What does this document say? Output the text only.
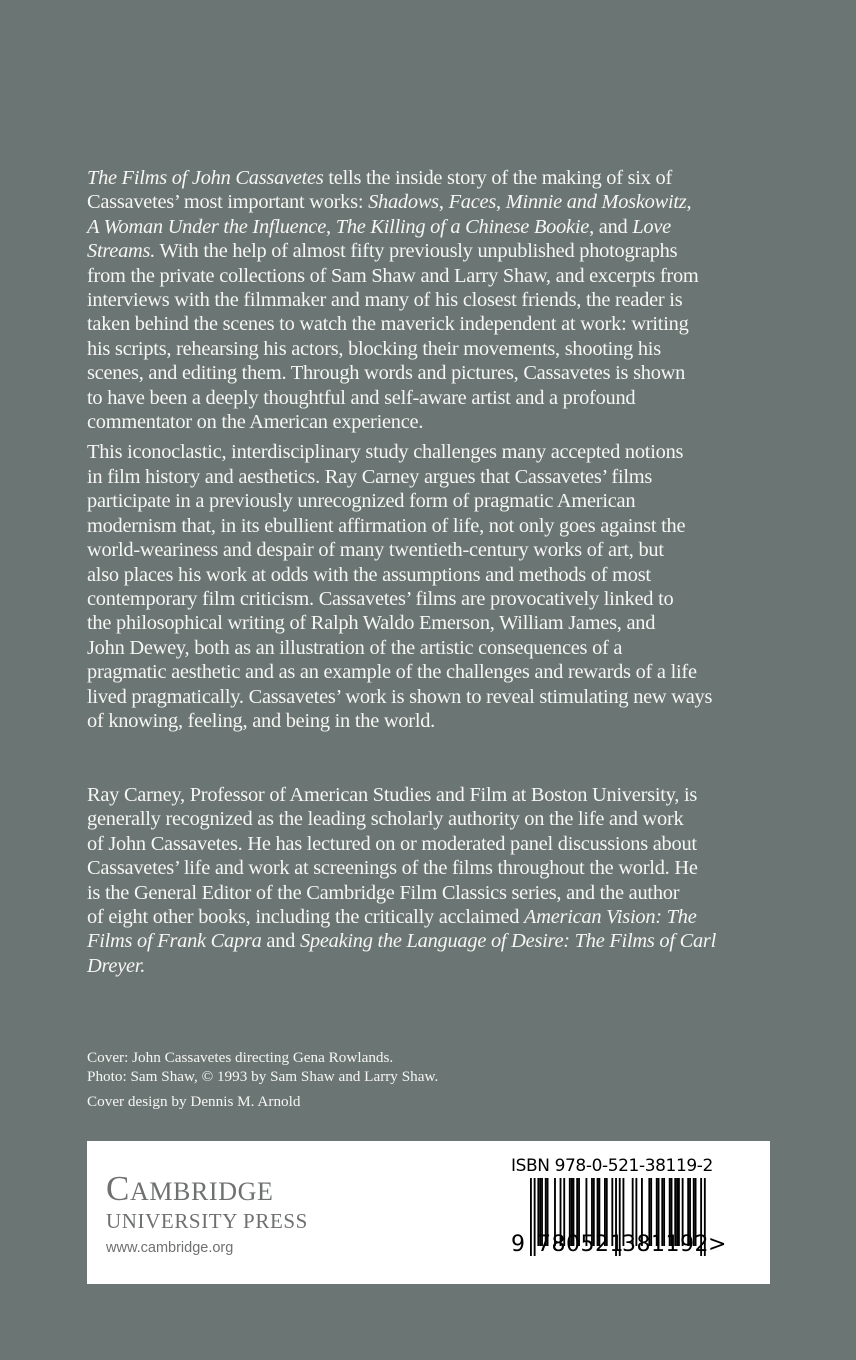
The Films of John Cassavetes tells the inside story of the making of six of
Cassavetes’ most important works: Shadows, Faces, Minnie and Moskowitz,
A Woman Under the Influence, The Killing of a Chinese Bookie, and Love
Streams. With the help of almost fifty previously unpublished photographs
from the private collections of Sam Shaw and Larry Shaw, and excerpts from
interviews with the filmmaker and many of his closest friends, the reader is
taken behind the scenes to watch the maverick independent at work: writing
his scripts, rehearsing his actors, blocking their movements, shooting his
scenes, and editing them. Through words and pictures, Cassavetes is shown
to have been a deeply thoughtful and self-aware artist and a profound
commentator on the American experience.

This iconoclastic, interdisciplinary study challenges many accepted notions
in film history and aesthetics. Ray Carney argues that Cassavetes’ films
participate in a previously unrecognized form of pragmatic American
modernism that, in its ebullient affirmation of life, not only goes against the
world-weariness and despair of many twentieth-century works of art, but
also places his work at odds with the assumptions and methods of most
contemporary film criticism. Cassavetes’ films are provocatively linked to
the philosophical writing of Ralph Waldo Emerson, William James, and
John Dewey, both as an illustration of the artistic consequences of a
pragmatic aesthetic and as an example of the challenges and rewards of a life
lived pragmatically. Cassavetes’ work is shown to reveal stimulating new ways
of knowing, feeling, and being in the world.

Ray Carney, Professor of American Studies and Film at Boston University, is
generally recognized as the leading scholarly authority on the life and work
of John Cassavetes. He has lectured on or moderated panel discussions about
Cassavetes’ life and work at screenings of the films throughout the world. He
is the General Editor of the Cambridge Film Classics series, and the author
of eight other books, including the critically acclaimed American Vision: The
Films of Frank Capra and Speaking the Language of Desire: The Films of Carl
Dreyer.

Cover: John Cassavetes directing Gena Rowlands.
Photo: Sam Shaw, © 1993 by Sam Shaw and Larry Shaw.
Cover design by Dennis M. Arnold
CAMBRIDGE
UNIVERSITY PRESS
www.cambridge.org
ISBN 978-0-521-38119-2
9 780521
381192 >
